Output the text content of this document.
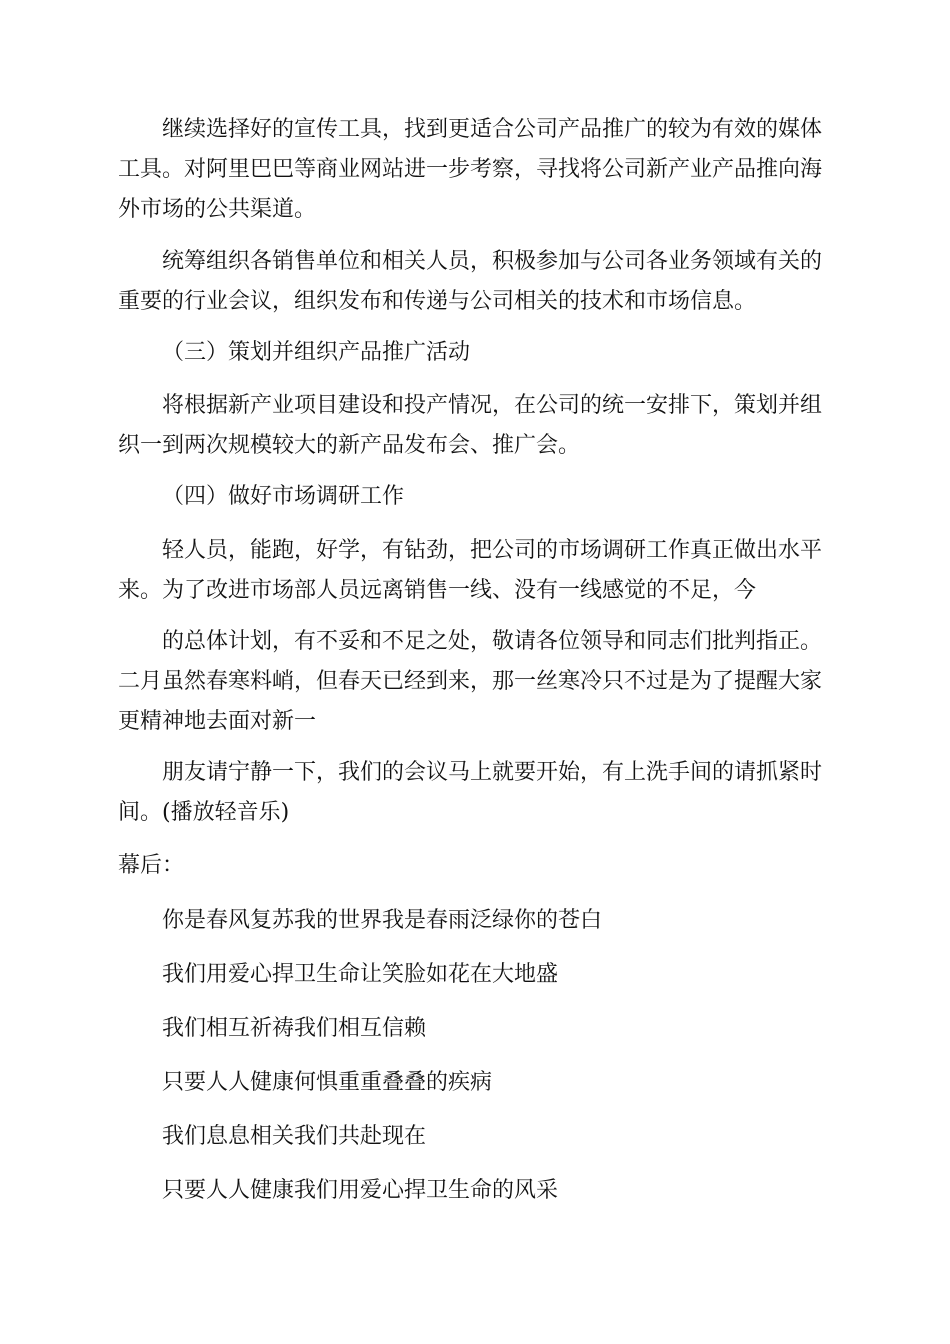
继续选择好的宣传工具，找到更适合公司产品推广的较为有效的媒体
工具。对阿里巴巴等商业网站进一步考察，寻找将公司新产业产品推向海
外市场的公共渠道。
统筹组织各销售单位和相关人员，积极参加与公司各业务领域有关的
重要的行业会议，组织发布和传递与公司相关的技术和市场信息。
（三）策划并组织产品推广活动
将根据新产业项目建设和投产情况，在公司的统一安排下，策划并组
织一到两次规模较大的新产品发布会、推广会。
（四）做好市场调研工作
轻人员，能跑，好学，有钻劲，把公司的市场调研工作真正做出水平
来。为了改进市场部人员远离销售一线、没有一线感觉的不足，今
的总体计划，有不妥和不足之处，敬请各位领导和同志们批判指正。
二月虽然春寒料峭，但春天已经到来，那一丝寒冷只不过是为了提醒大家
更精神地去面对新一
朋友请宁静一下，我们的会议马上就要开始，有上洗手间的请抓紧时
间。(播放轻音乐)
幕后：
你是春风复苏我的世界我是春雨泛绿你的苍白
我们用爱心捍卫生命让笑脸如花在大地盛
我们相互祈祷我们相互信赖
只要人人健康何惧重重叠叠的疾病
我们息息相关我们共赴现在
只要人人健康我们用爱心捍卫生命的风采
